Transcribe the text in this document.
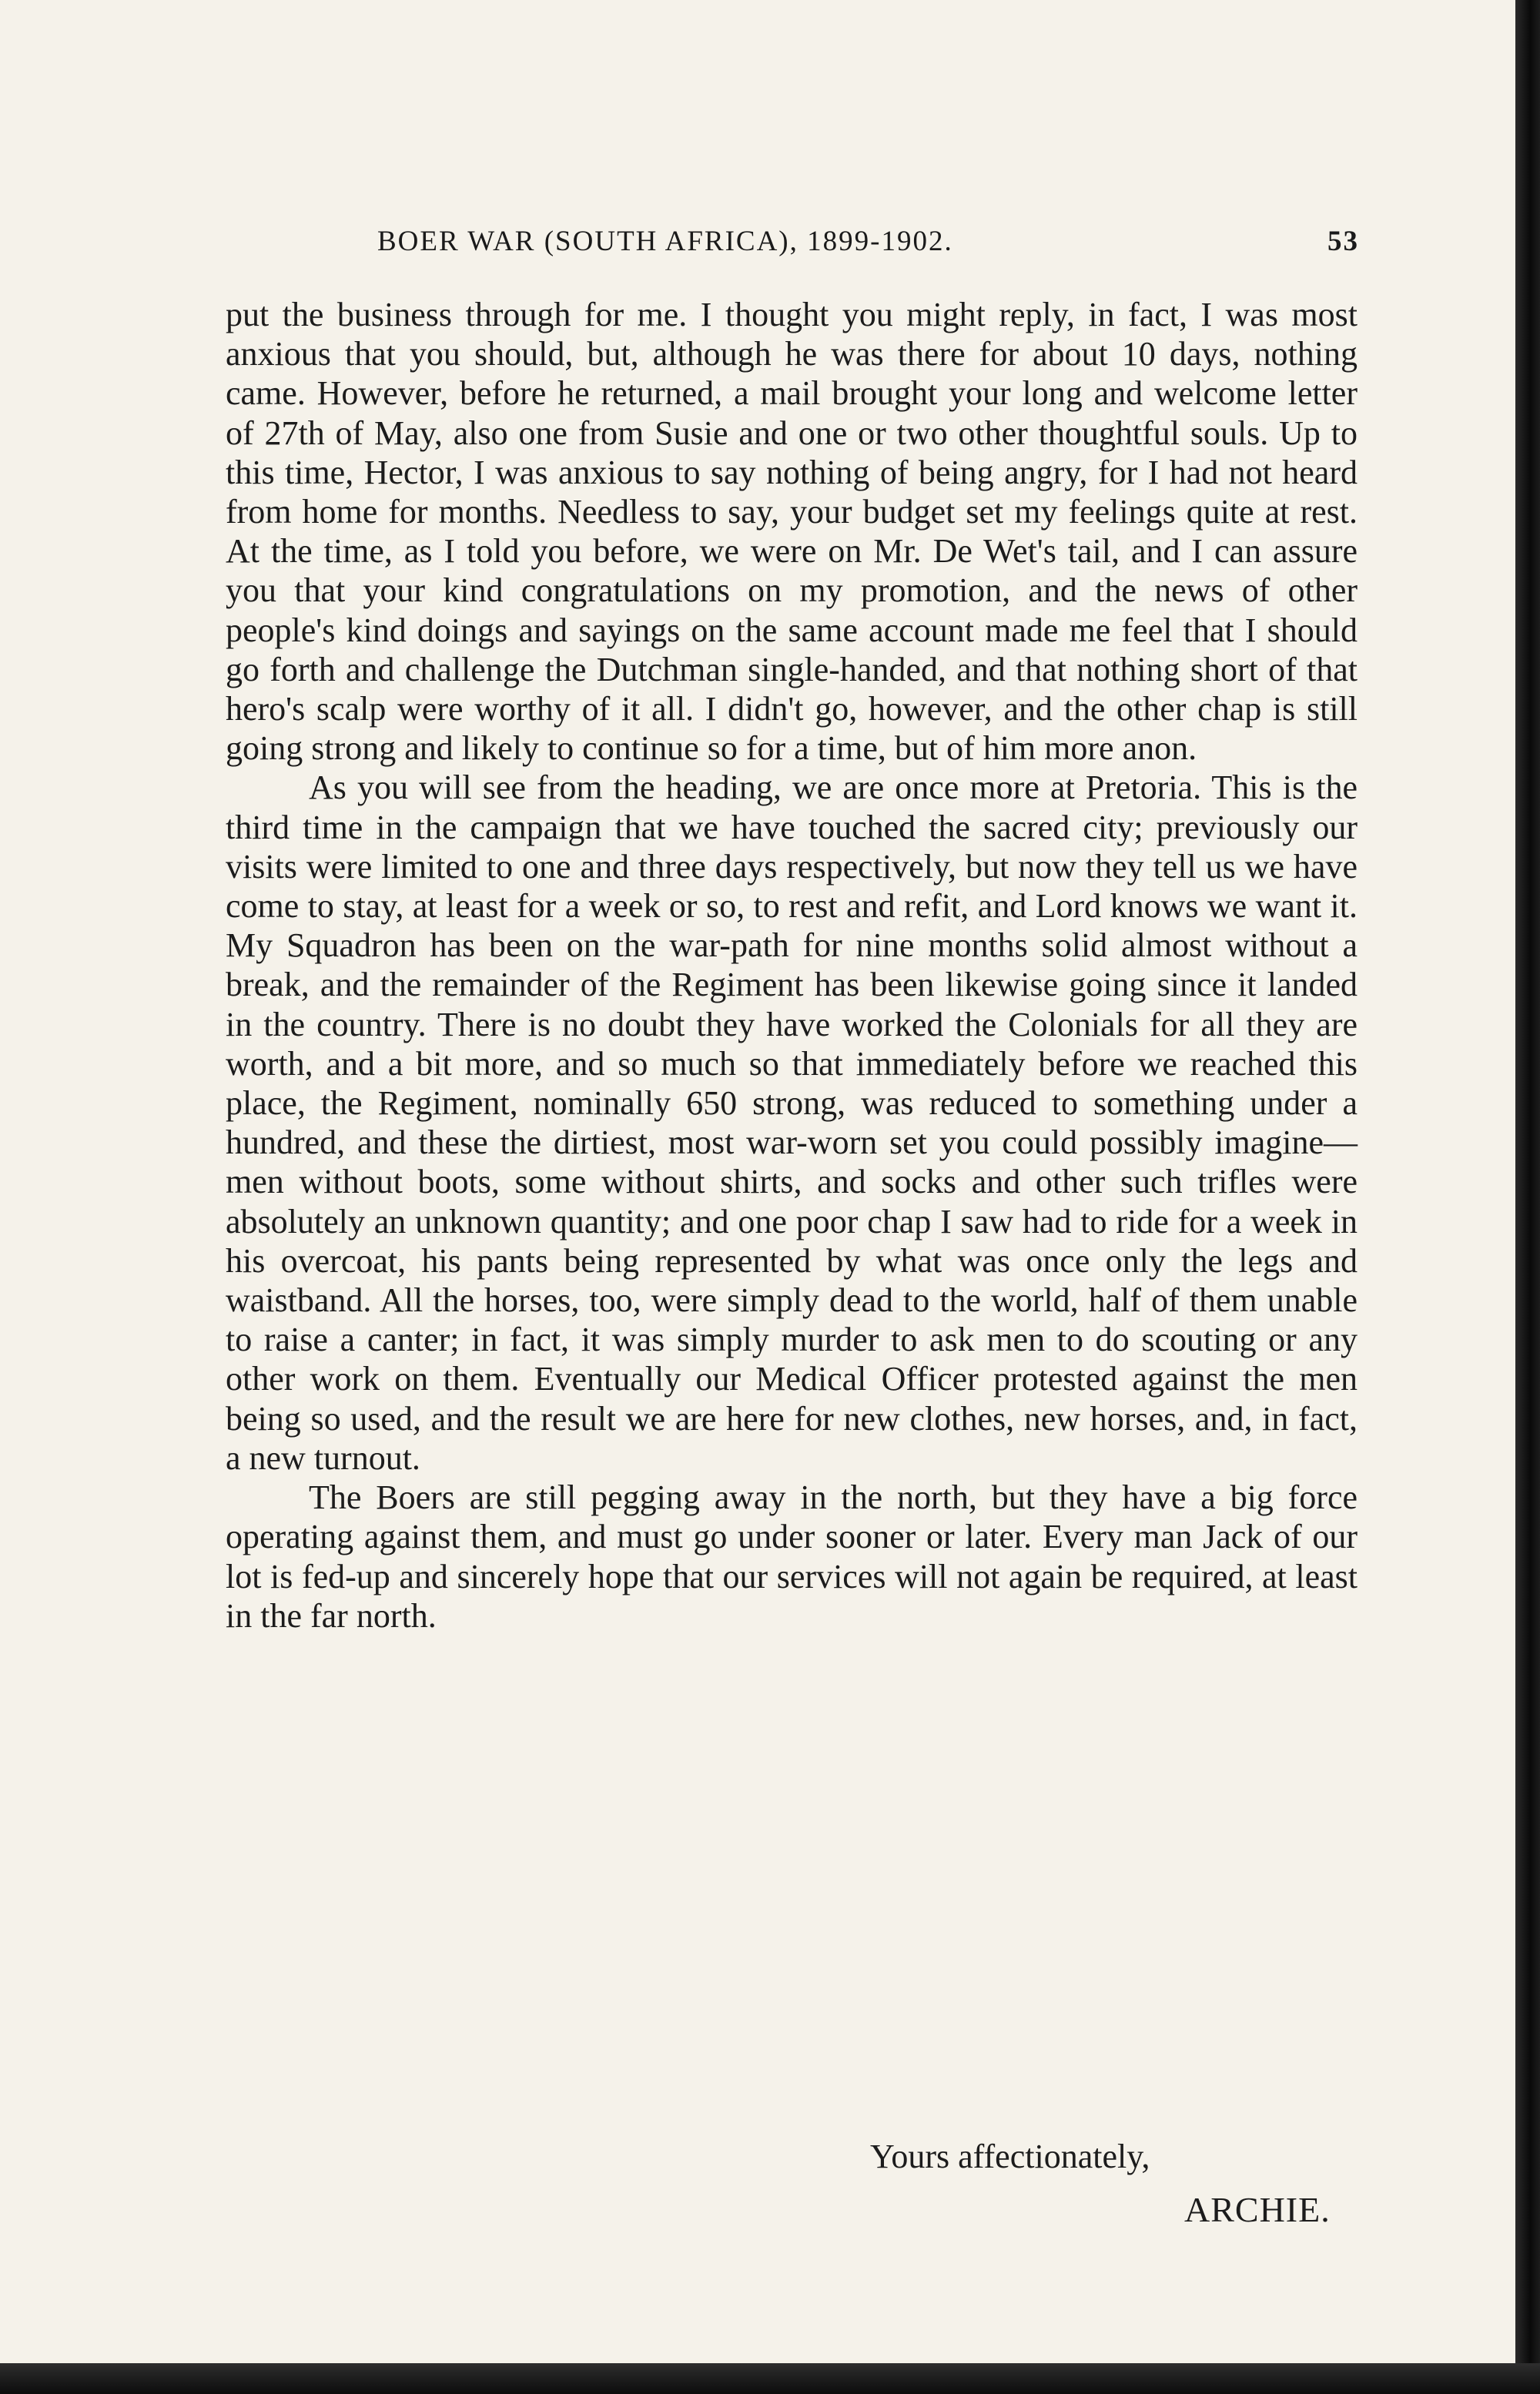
BOER WAR (SOUTH AFRICA), 1899-1902.	53

put the business through for me. I thought you might reply, in fact, I was most anxious that you should, but, although he was there for about 10 days, nothing came. However, before he returned, a mail brought your long and welcome letter of 27th of May, also one from Susie and one or two other thoughtful souls. Up to this time, Hector, I was anxious to say nothing of being angry, for I had not heard from home for months. Needless to say, your budget set my feelings quite at rest. At the time, as I told you before, we were on Mr. De Wet's tail, and I can assure you that your kind congratulations on my promotion, and the news of other people's kind doings and sayings on the same account made me feel that I should go forth and challenge the Dutchman single-handed, and that nothing short of that hero's scalp were worthy of it all. I didn't go, however, and the other chap is still going strong and likely to continue so for a time, but of him more anon.

As you will see from the heading, we are once more at Pretoria. This is the third time in the campaign that we have touched the sacred city; previously our visits were limited to one and three days respectively, but now they tell us we have come to stay, at least for a week or so, to rest and refit, and Lord knows we want it. My Squadron has been on the war-path for nine months solid almost without a break, and the remainder of the Regiment has been likewise going since it landed in the country. There is no doubt they have worked the Colonials for all they are worth, and a bit more, and so much so that immediately before we reached this place, the Regiment, nominally 650 strong, was reduced to something under a hundred, and these the dirtiest, most war-worn set you could possibly imagine—men without boots, some without shirts, and socks and other such trifles were absolutely an unknown quantity; and one poor chap I saw had to ride for a week in his overcoat, his pants being represented by what was once only the legs and waistband. All the horses, too, were simply dead to the world, half of them unable to raise a canter; in fact, it was simply murder to ask men to do scouting or any other work on them. Eventually our Medical Officer protested against the men being so used, and the result we are here for new clothes, new horses, and, in fact, a new turnout.

The Boers are still pegging away in the north, but they have a big force operating against them, and must go under sooner or later. Every man Jack of our lot is fed-up and sincerely hope that our services will not again be required, at least in the far north.

Yours affectionately,
ARCHIE.
